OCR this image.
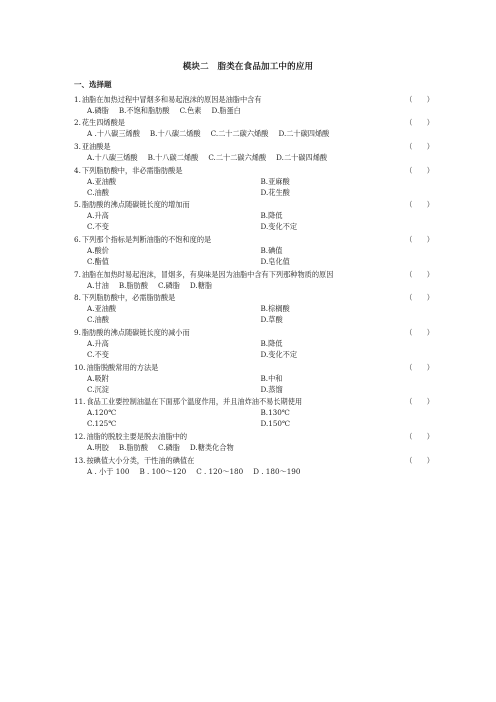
模块二　脂类在食品加工中的应用
一、选择题
1. 油脂在加热过程中冒烟多和易起泡沫的原因是油脂中含有	（　　）
A.磷脂 B.不饱和脂肪酸 C.色素 D.脂蛋白
2. 花生四烯酸是	（　　）
A .十八碳三烯酸 B.十八碳二烯酸 C.二十二碳六烯酸 D.二十碳四烯酸
3. 亚油酸是	（　　）
A.十八碳三烯酸 B.十八碳二烯酸 C.二十二碳六烯酸 D.二十碳四烯酸
4. 下列脂肪酸中，非必需脂肪酸是	（　　）
A.亚油酸	B.亚麻酸
C.油酸	D.花生酸
5. 脂肪酸的沸点随碳链长度的增加而	（　　）
A.升高	B.降低
C.不变	D.变化不定
6. 下列那个指标是判断油脂的不饱和度的是	（　　）
A.酸价	B.碘值
C.酯值	D.皂化值
7. 油脂在加热时易起泡沫，冒烟多，有臭味是因为油脂中含有下列那种物质的原因	（　　）
A.甘油 B.脂肪酸 C.磷脂 D.糖脂
8. 下列脂肪酸中，必需脂肪酸是	（　　）
A.亚油酸	B.棕榈酸
C.油酸	D.草酸
9. 脂肪酸的沸点随碳链长度的减小而	（　　）
A.升高	B.降低
C.不变	D.变化不定
10. 油脂脱酸常用的方法是	（　　）
A.吸附	B.中和
C.沉淀	D.蒸馏
11. 食品工业要控制油温在下面那个温度作用，并且油炸油不易长期使用	（　　）
A.120℃	B.130℃
C.125℃	D.150℃
12. 油脂的脱胶主要是脱去油脂中的	（　　）
A.明胶 B.脂肪酸 C.磷脂 D.糖类化合物
13. 按碘值大小分类，干性油的碘值在	（　　）
A . 小于 100 B . 100～120 C . 120～180 D . 180～190
